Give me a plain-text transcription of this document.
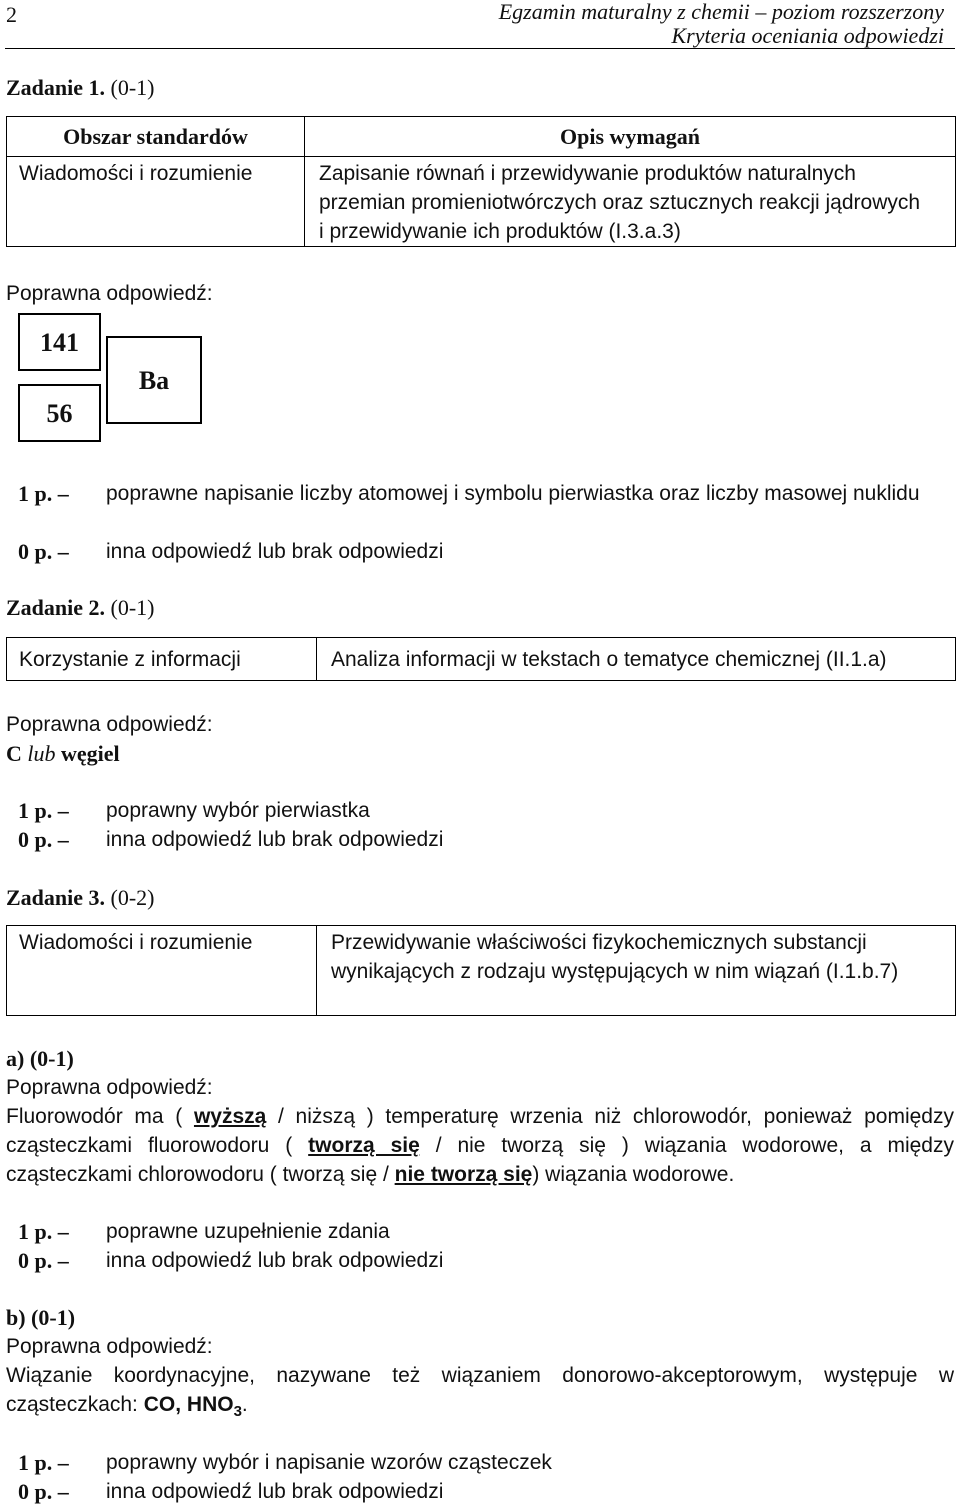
2	Egzamin maturalny z chemii – poziom rozszerzony
Kryteria oceniania odpowiedzi
Zadanie 1. (0-1)
Obszar standardów	Opis wymagań
Wiadomości i rozumienie	Zapisanie równań i przewidywanie produktów naturalnych przemian promieniotwórczych oraz sztucznych reakcji jądrowych i przewidywanie ich produktów (I.3.a.3)
Poprawna odpowiedź:
141
56
Ba
1 p. –	poprawne napisanie liczby atomowej i symbolu pierwiastka oraz liczby masowej nuklidu
0 p. –	inna odpowiedź lub brak odpowiedzi
Zadanie 2. (0-1)
Korzystanie z informacji	Analiza informacji w tekstach o tematyce chemicznej (II.1.a)
Poprawna odpowiedź:
C lub węgiel
1 p. –	poprawny wybór pierwiastka
0 p. –	inna odpowiedź lub brak odpowiedzi
Zadanie 3. (0-2)
Wiadomości i rozumienie	Przewidywanie właściwości fizykochemicznych substancji wynikających z rodzaju występujących w nim wiązań (I.1.b.7)
a) (0-1)
Poprawna odpowiedź:
Fluorowodór ma ( wyższą / niższą ) temperaturę wrzenia niż chlorowodór, ponieważ pomiędzy cząsteczkami fluorowodoru ( tworzą się / nie tworzą się ) wiązania wodorowe, a między cząsteczkami chlorowodoru ( tworzą się / nie tworzą się) wiązania wodorowe.
1 p. –	poprawne uzupełnienie zdania
0 p. –	inna odpowiedź lub brak odpowiedzi
b) (0-1)
Poprawna odpowiedź:
Wiązanie koordynacyjne, nazywane też wiązaniem donorowo-akceptorowym, występuje w cząsteczkach: CO, $HNO_3$.
1 p. –	poprawny wybór i napisanie wzorów cząsteczek
0 p. –	inna odpowiedź lub brak odpowiedzi
